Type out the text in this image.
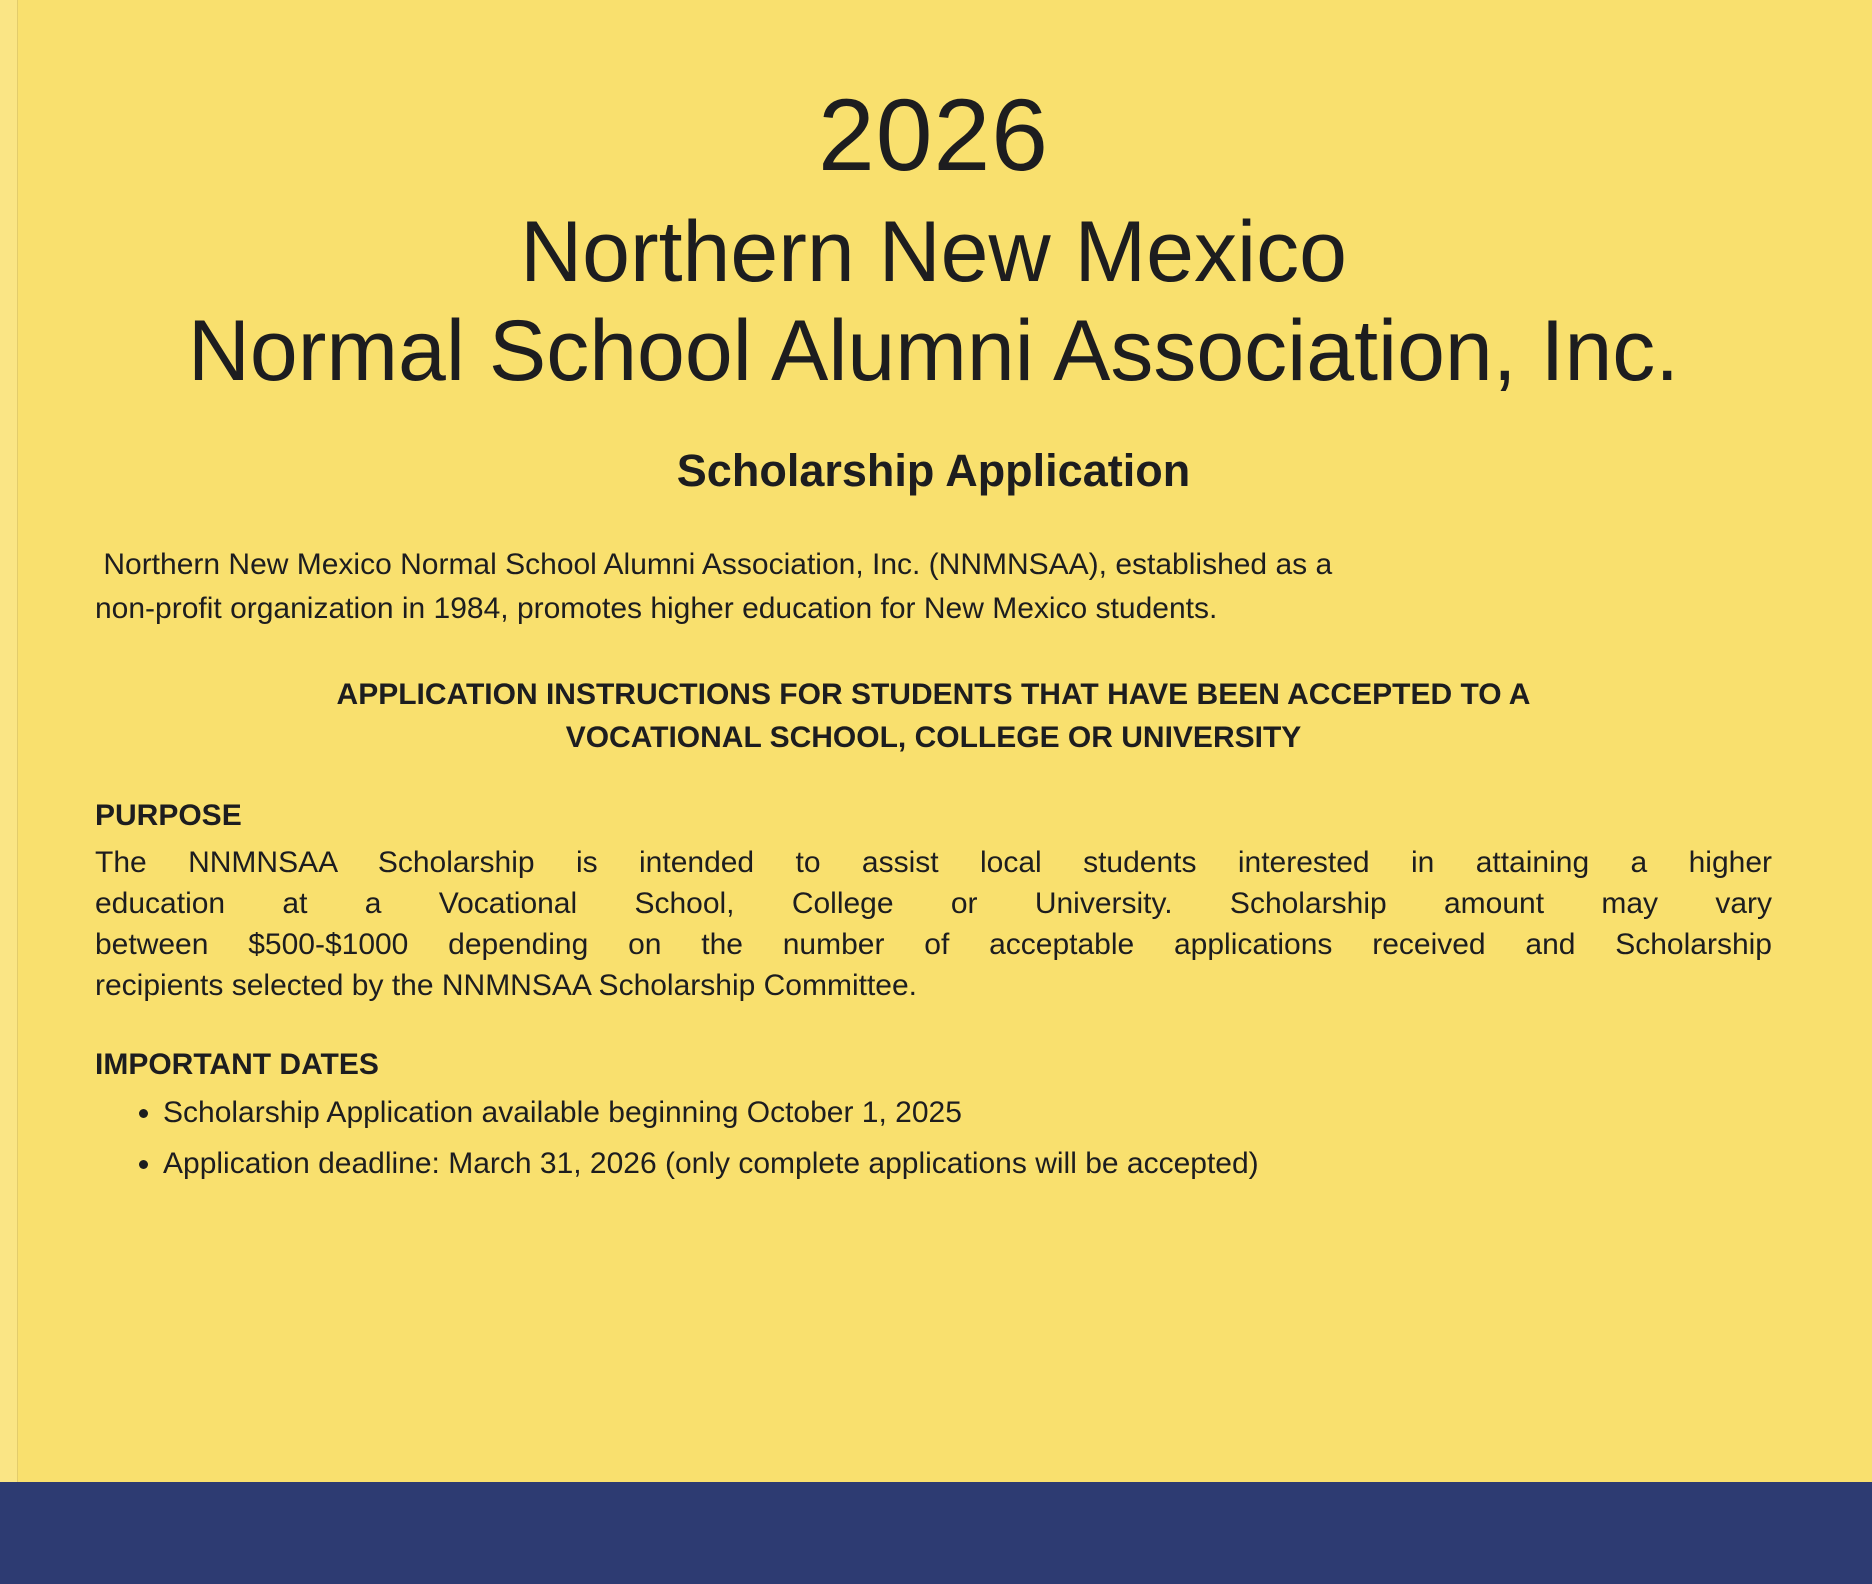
2026
Northern New Mexico
Normal School Alumni Association, Inc.
Scholarship Application
Northern New Mexico Normal School Alumni Association, Inc. (NNMNSAA), established as a
non-profit organization in 1984, promotes higher education for New Mexico students.
APPLICATION INSTRUCTIONS FOR STUDENTS THAT HAVE BEEN ACCEPTED TO A
VOCATIONAL SCHOOL, COLLEGE OR UNIVERSITY
PURPOSE
The NNMNSAA Scholarship is intended to assist local students interested in attaining a higher
education at a Vocational School, College or University. Scholarship amount may vary
between $500-$1000 depending on the number of acceptable applications received and Scholarship
recipients selected by the NNMNSAA Scholarship Committee.
IMPORTANT DATES
• Scholarship Application available beginning October 1, 2025
• Application deadline: March 31, 2026 (only complete applications will be accepted)
